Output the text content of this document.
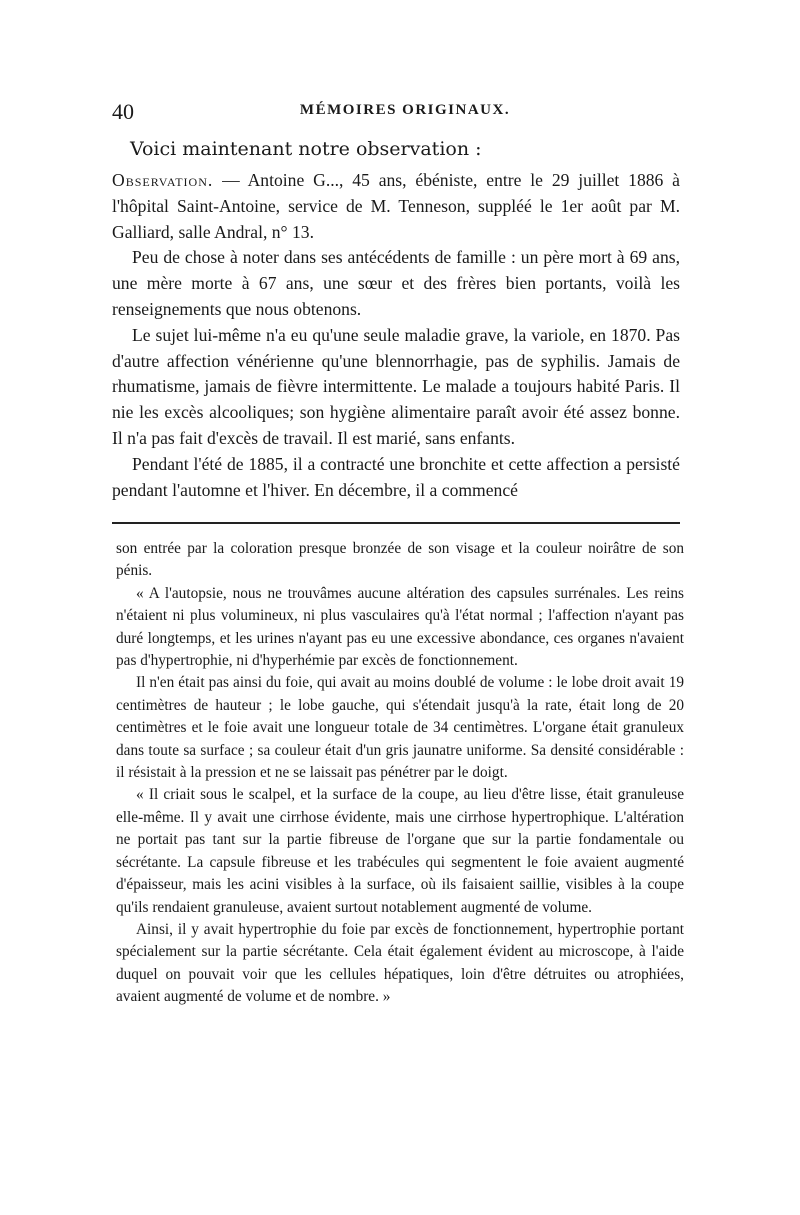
40	MÉMOIRES ORIGINAUX.
Voici maintenant notre observation :

Observation. — Antoine G..., 45 ans, ébéniste, entre le 29 juillet 1886 à l'hôpital Saint-Antoine, service de M. Tenneson, suppléé le 1er août par M. Galliard, salle Andral, n° 13.

Peu de chose à noter dans ses antécédents de famille : un père mort à 69 ans, une mère morte à 67 ans, une sœur et des frères bien portants, voilà les renseignements que nous obtenons.

Le sujet lui-même n'a eu qu'une seule maladie grave, la variole, en 1870. Pas d'autre affection vénérienne qu'une blennorrhagie, pas de syphilis. Jamais de rhumatisme, jamais de fièvre intermittente. Le malade a toujours habité Paris. Il nie les excès alcooliques; son hygiène alimentaire paraît avoir été assez bonne. Il n'a pas fait d'excès de travail. Il est marié, sans enfants.

Pendant l'été de 1885, il a contracté une bronchite et cette affection a persisté pendant l'automne et l'hiver. En décembre, il a commencé

son entrée par la coloration presque bronzée de son visage et la couleur noirâtre de son pénis.

« A l'autopsie, nous ne trouvâmes aucune altération des capsules surrénales. Les reins n'étaient ni plus volumineux, ni plus vasculaires qu'à l'état normal ; l'affection n'ayant pas duré longtemps, et les urines n'ayant pas eu une excessive abondance, ces organes n'avaient pas d'hypertrophie, ni d'hyperhémie par excès de fonctionnement.

Il n'en était pas ainsi du foie, qui avait au moins doublé de volume : le lobe droit avait 19 centimètres de hauteur ; le lobe gauche, qui s'étendait jusqu'à la rate, était long de 20 centimètres et le foie avait une longueur totale de 34 centimètres. L'organe était granuleux dans toute sa surface ; sa couleur était d'un gris jaunatre uniforme. Sa densité considérable : il résistait à la pression et ne se laissait pas pénétrer par le doigt.

« Il criait sous le scalpel, et la surface de la coupe, au lieu d'être lisse, était granuleuse elle-même. Il y avait une cirrhose évidente, mais une cirrhose hypertrophique. L'altération ne portait pas tant sur la partie fibreuse de l'organe que sur la partie fondamentale ou sécrétante. La capsule fibreuse et les trabécules qui segmentent le foie avaient augmenté d'épaisseur, mais les acini visibles à la surface, où ils faisaient saillie, visibles à la coupe qu'ils rendaient granuleuse, avaient surtout notablement augmenté de volume.

Ainsi, il y avait hypertrophie du foie par excès de fonctionnement, hypertrophie portant spécialement sur la partie sécrétante. Cela était également évident au microscope, à l'aide duquel on pouvait voir que les cellules hépatiques, loin d'être détruites ou atrophiées, avaient augmenté de volume et de nombre. »
